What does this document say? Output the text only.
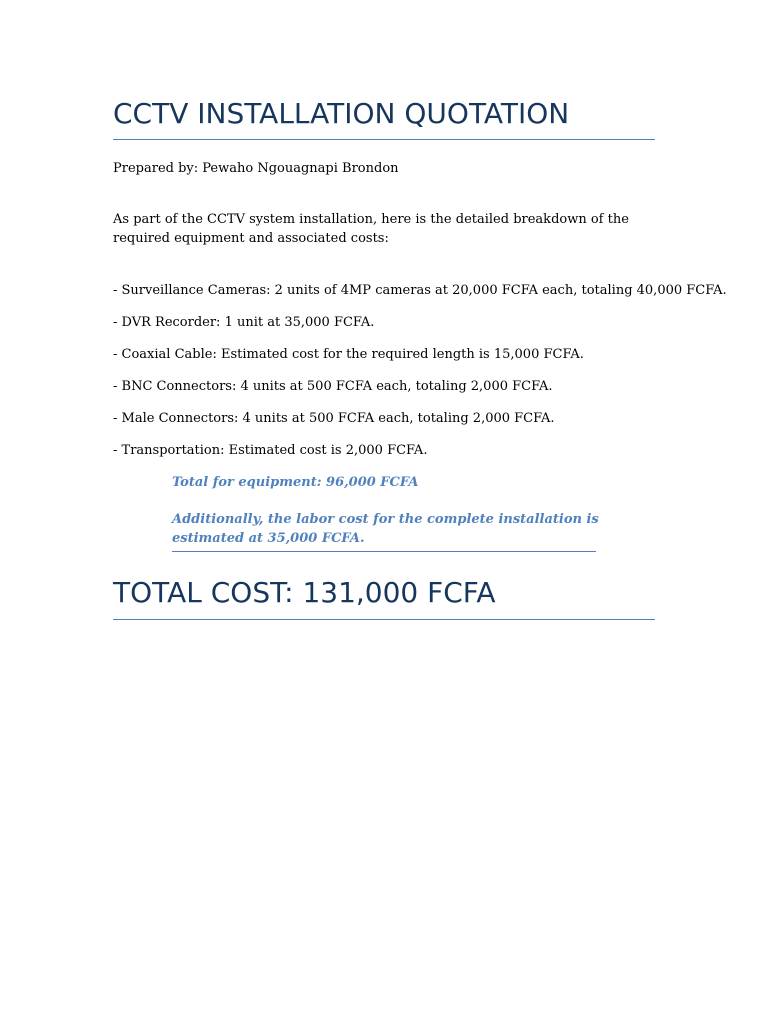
CCTV INSTALLATION QUOTATION

Prepared by: Pewaho Ngouagnapi Brondon

As part of the CCTV system installation, here is the detailed breakdown of the required equipment and associated costs:

- Surveillance Cameras: 2 units of 4MP cameras at 20,000 FCFA each, totaling 40,000 FCFA.
- DVR Recorder: 1 unit at 35,000 FCFA.
- Coaxial Cable: Estimated cost for the required length is 15,000 FCFA.
- BNC Connectors: 4 units at 500 FCFA each, totaling 2,000 FCFA.
- Male Connectors: 4 units at 500 FCFA each, totaling 2,000 FCFA.
- Transportation: Estimated cost is 2,000 FCFA.

Total for equipment: 96,000 FCFA

Additionally, the labor cost for the complete installation is estimated at 35,000 FCFA.

TOTAL COST: 131,000 FCFA
